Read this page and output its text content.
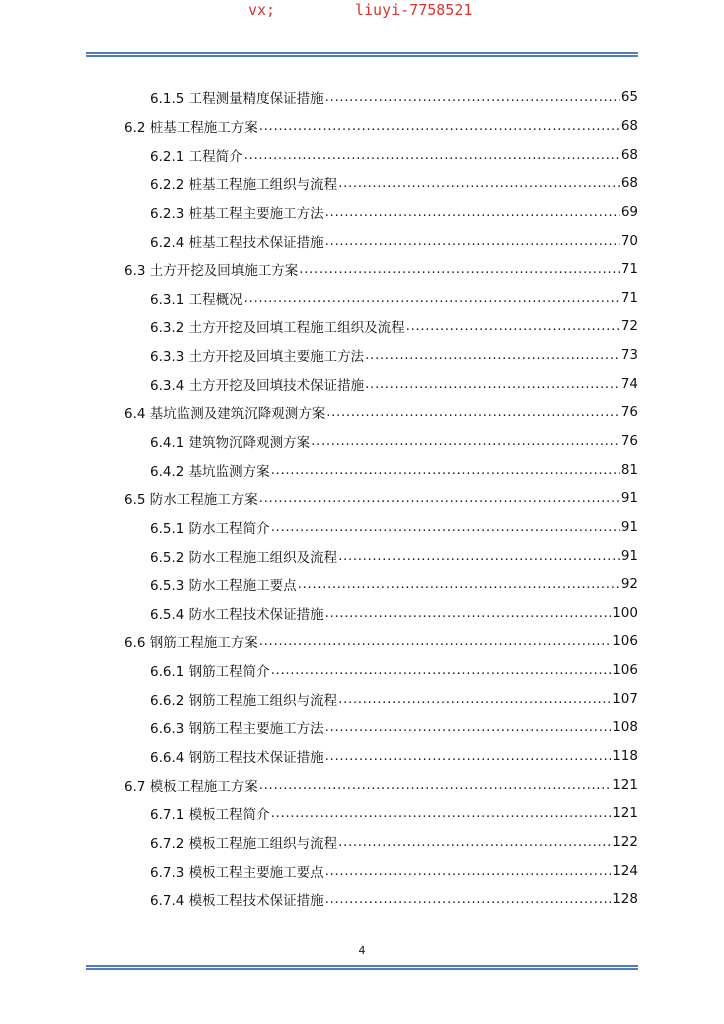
vx;	liuyi-7758521
6.1.5 工程测量精度保证措施 .....	65
6.2 桩基工程施工方案 .....	68
6.2.1 工程简介 .....	68
6.2.2 桩基工程施工组织与流程 .....	68
6.2.3 桩基工程主要施工方法 .....	69
6.2.4 桩基工程技术保证措施 .....	70
6.3 土方开挖及回填施工方案 .....	71
6.3.1 工程概况 .....	71
6.3.2 土方开挖及回填工程施工组织及流程 .....	72
6.3.3 土方开挖及回填主要施工方法 .....	73
6.3.4 土方开挖及回填技术保证措施 .....	74
6.4 基坑监测及建筑沉降观测方案 .....	76
6.4.1 建筑物沉降观测方案 .....	76
6.4.2 基坑监测方案 .....	81
6.5 防水工程施工方案 .....	91
6.5.1 防水工程简介 .....	91
6.5.2 防水工程施工组织及流程 .....	91
6.5.3 防水工程施工要点 .....	92
6.5.4 防水工程技术保证措施 .....	100
6.6 钢筋工程施工方案 .....	106
6.6.1 钢筋工程简介 .....	106
6.6.2 钢筋工程施工组织与流程 .....	107
6.6.3 钢筋工程主要施工方法 .....	108
6.6.4 钢筋工程技术保证措施 .....	118
6.7 模板工程施工方案 .....	121
6.7.1 模板工程简介 .....	121
6.7.2 模板工程施工组织与流程 .....	122
6.7.3 模板工程主要施工要点 .....	124
6.7.4 模板工程技术保证措施 .....	128
4
